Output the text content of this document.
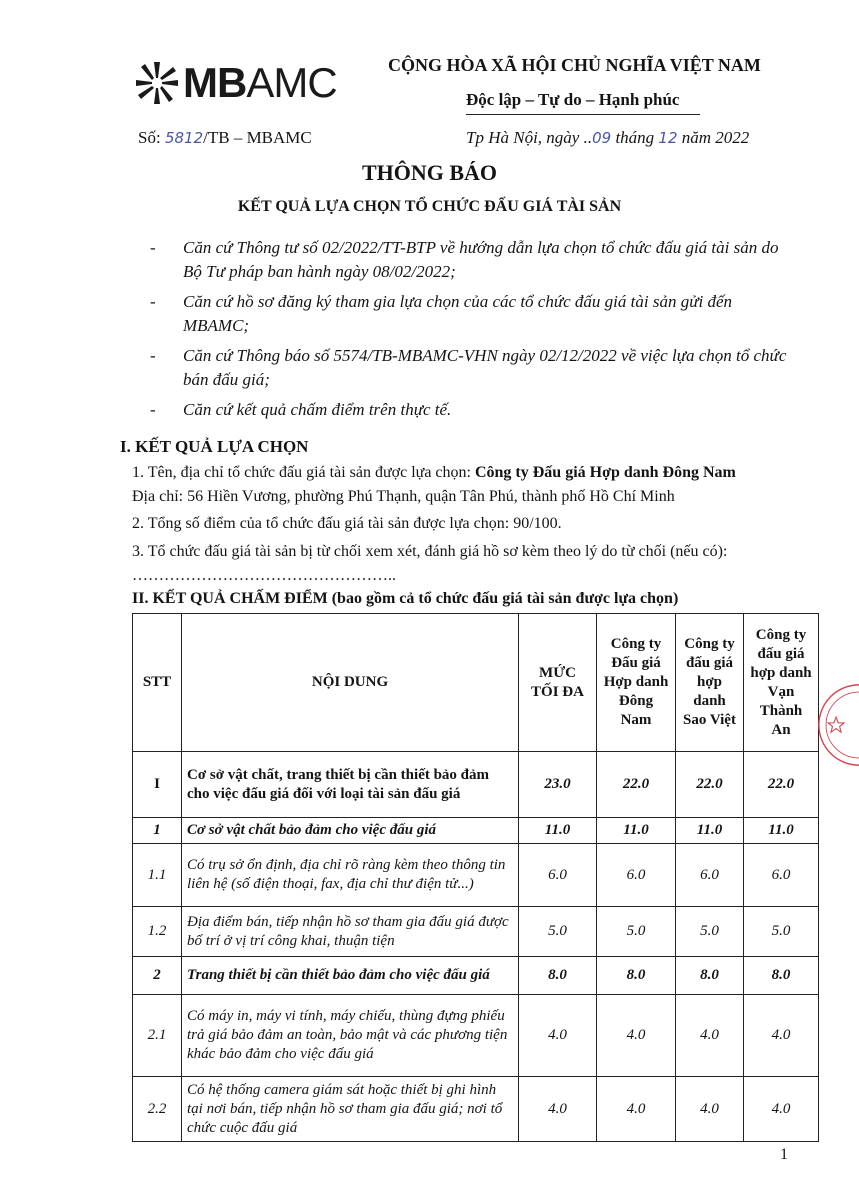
MBAMC	CỘNG HÒA XÃ HỘI CHỦ NGHĨA VIỆT NAM
Độc lập – Tự do – Hạnh phúc
Số: 5812/TB – MBAMC	Tp Hà Nội, ngày ..09 tháng 12 năm 2022
THÔNG BÁO
KẾT QUẢ LỰA CHỌN TỔ CHỨC ĐẤU GIÁ TÀI SẢN
- Căn cứ Thông tư số 02/2022/TT-BTP về hướng dẫn lựa chọn tổ chức đấu giá tài sản do Bộ Tư pháp ban hành ngày 08/02/2022;
- Căn cứ hồ sơ đăng ký tham gia lựa chọn của các tổ chức đấu giá tài sản gửi đến MBAMC;
- Căn cứ Thông báo số 5574/TB-MBAMC-VHN ngày 02/12/2022 về việc lựa chọn tổ chức bán đấu giá;
- Căn cứ kết quả chấm điểm trên thực tế.
I. KẾT QUẢ LỰA CHỌN
1. Tên, địa chỉ tổ chức đấu giá tài sản được lựa chọn: Công ty Đấu giá Hợp danh Đông Nam
Địa chỉ: 56 Hiền Vương, phường Phú Thạnh, quận Tân Phú, thành phố Hồ Chí Minh
2. Tổng số điểm của tổ chức đấu giá tài sản được lựa chọn: 90/100.
3. Tổ chức đấu giá tài sản bị từ chối xem xét, đánh giá hồ sơ kèm theo lý do từ chối (nếu có): …………………………………………..
II. KẾT QUẢ CHẤM ĐIỂM (bao gồm cả tổ chức đấu giá tài sản được lựa chọn)
STT	NỘI DUNG	MỨC TỐI ĐA	Công ty Đấu giá Hợp danh Đông Nam	Công ty đấu giá hợp danh Sao Việt	Công ty đấu giá hợp danh Vạn Thành An
I	Cơ sở vật chất, trang thiết bị cần thiết bảo đảm cho việc đấu giá đối với loại tài sản đấu giá	23.0	22.0	22.0	22.0
1	Cơ sở vật chất bảo đảm cho việc đấu giá	11.0	11.0	11.0	11.0
1.1	Có trụ sở ổn định, địa chỉ rõ ràng kèm theo thông tin liên hệ (số điện thoại, fax, địa chỉ thư điện tử...)	6.0	6.0	6.0	6.0
1.2	Địa điểm bán, tiếp nhận hồ sơ tham gia đấu giá được bố trí ở vị trí công khai, thuận tiện	5.0	5.0	5.0	5.0
2	Trang thiết bị cần thiết bảo đảm cho việc đấu giá	8.0	8.0	8.0	8.0
2.1	Có máy in, máy vi tính, máy chiếu, thùng đựng phiếu trả giá bảo đảm an toàn, bảo mật và các phương tiện khác bảo đảm cho việc đấu giá	4.0	4.0	4.0	4.0
2.2	Có hệ thống camera giám sát hoặc thiết bị ghi hình tại nơi bán, tiếp nhận hồ sơ tham gia đấu giá; nơi tổ chức cuộc đấu giá	4.0	4.0	4.0	4.0
1
